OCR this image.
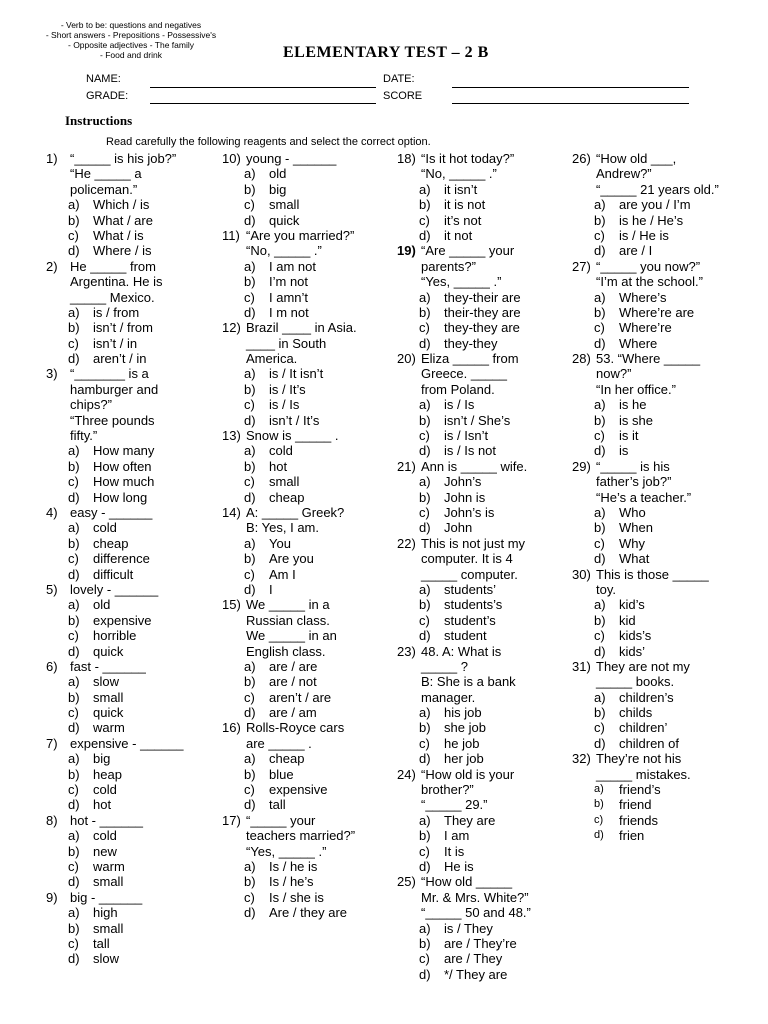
- Verb to be: questions and negatives
- Short answers - Prepositions - Possessive's
- Opposite adjectives - The family
- Food and drink	ELEMENTARY TEST – 2 B
NAME:
GRADE:
DATE:
SCORE
Instructions
Read carefully the following reagents and select the correct option.
1) “_____ is his job?”
“He _____ a
policeman.”
a) Which / is
b) What / are
c) What / is
d) Where / is
2) He _____ from
Argentina. He is
_____ Mexico.
a) is / from
b) isn’t / from
c) isn’t / in
d) aren’t / in
3) “_______ is a
hamburger and
chips?”
“Three pounds
fifty.”
a) How many
b) How often
c) How much
d) How long
4) easy - ______
a) cold
b) cheap
c) difference
d) difficult
5) lovely - ______
a) old
b) expensive
c) horrible
d) quick
6) fast - ______
a) slow
b) small
c) quick
d) warm
7) expensive - ______
a) big
b) heap
c) cold
d) hot
8) hot - ______
a) cold
b) new
c) warm
d) small
9) big - ______
a) high
b) small
c) tall
d) slow
10) young - ______
a) old
b) big
c) small
d) quick
11) “Are you married?”
“No, _____ .”
a) I am not
b) I’m not
c) I amn’t
d) I m not
12) Brazil ____ in Asia.
____ in South
America.
a) is / It isn’t
b) is / It’s
c) is / Is
d) isn’t / It’s
13) Snow is _____ .
a) cold
b) hot
c) small
d) cheap
14) A: _____ Greek?
B: Yes, I am.
a) You
b) Are you
c) Am I
d) I
15) We _____ in a
Russian class.
We _____ in an
English class.
a) are / are
b) are / not
c) aren’t / are
d) are / am
16) Rolls-Royce cars
are _____ .
a) cheap
b) blue
c) expensive
d) tall
17) “_____ your
teachers married?”
“Yes, _____ .”
a) Is / he is
b) Is / he’s
c) Is / she is
d) Are / they are
18) “Is it hot today?”
“No, _____ .”
a) it isn’t
b) it is not
c) it’s not
d) it not
19) “Are _____ your
parents?”
“Yes, _____ .”
a) they-their are
b) their-they are
c) they-they are
d) they-they
20) Eliza _____ from
Greece. _____
from Poland.
a) is / Is
b) isn’t / She’s
c) is / Isn’t
d) is / Is not
21) Ann is _____ wife.
a) John’s
b) John is
c) John’s is
d) John
22) This is not just my
computer. It is 4
_____ computer.
a) students’
b) students’s
c) student’s
d) student
23) 48. A: What is
_____ ?
B: She is a bank
manager.
a) his job
b) she job
c) he job
d) her job
24) “How old is your
brother?”
“_____ 29.”
a) They are
b) I am
c) It is
d) He is
25) “How old _____
Mr. & Mrs. White?”
“_____ 50 and 48.”
a) is / They
b) are / They’re
c) are / They
d) */ They are
26) “How old ___,
Andrew?”
“_____ 21 years old.”
a) are you / I’m
b) is he / He’s
c) is / He is
d) are / I
27) “_____ you now?”
“I’m at the school.”
a) Where’s
b) Where’re are
c) Where’re
d) Where
28) 53. “Where _____
now?”
“In her office.”
a) is he
b) is she
c) is it
d) is
29) “_____ is his
father’s job?”
“He’s a teacher.”
a) Who
b) When
c) Why
d) What
30) This is those _____
toy.
a) kid’s
b) kid
c) kids’s
d) kids’
31) They are not my
_____ books.
a) children’s
b) childs
c) children’
d) children of
32) They’re not his
_____ mistakes.
a) friend’s
b) friend
c) friends
d) frien
